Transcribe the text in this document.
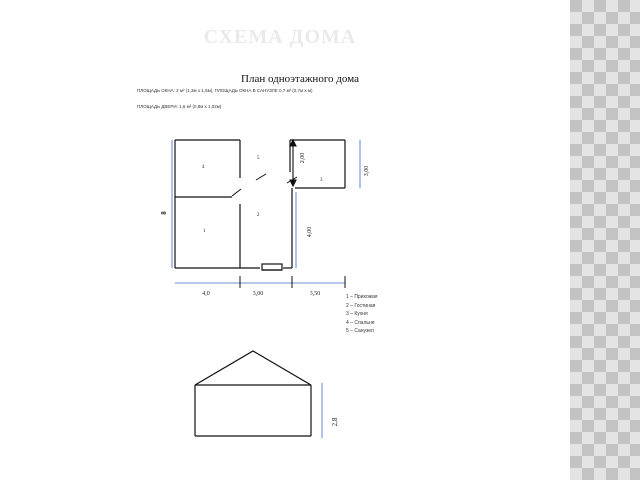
СХЕМА ДОМА
План одноэтажного дома
ПЛОЩАДЬ ОКНА: 2 м² (1,3м х 1,5м), ПЛОЩАДЬ ОКНА В САНУЗЛЕ 0,7 м² (0,7м х м)
ПЛОЩАДЬ ДВЕРИ: 1,6 м² (0,8м х 1,02м)
4
5
3
2
1
8
2,00
3,00
4,00
4,0	3,00	3,50
2,8
1 – Прихожая
2 – Гостиная
3 – Кухня
4 – Спальня
5 – Санузел
